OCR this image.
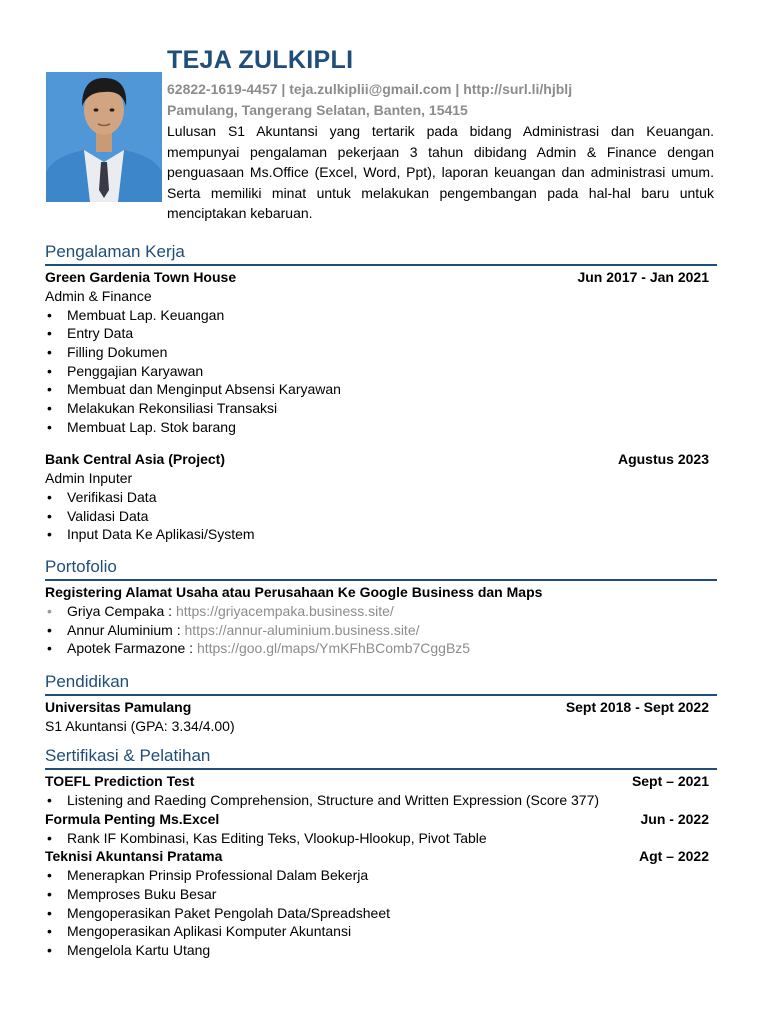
TEJA ZULKIPLI
62822-1619-4457 | teja.zulkiplii@gmail.com | http://surl.li/hjblj
Pamulang, Tangerang Selatan, Banten, 15415
Lulusan S1 Akuntansi yang tertarik pada bidang Administrasi dan Keuangan. mempunyai pengalaman pekerjaan 3 tahun dibidang Admin & Finance dengan penguasaan Ms.Office (Excel, Word, Ppt), laporan keuangan dan administrasi umum. Serta memiliki minat untuk melakukan pengembangan pada hal-hal baru untuk menciptakan kebaruan.
Pengalaman Kerja
Green Gardenia Town House	Jun 2017 - Jan 2021
Admin & Finance
• Membuat Lap. Keuangan
• Entry Data
• Filling Dokumen
• Penggajian Karyawan
• Membuat dan Menginput Absensi Karyawan
• Melakukan Rekonsiliasi Transaksi
• Membuat Lap. Stok barang
Bank Central Asia (Project)	Agustus 2023
Admin Inputer
• Verifikasi Data
• Validasi Data
• Input Data Ke Aplikasi/System
Portofolio
Registering Alamat Usaha atau Perusahaan Ke Google Business dan Maps
• Griya Cempaka : https://griyacempaka.business.site/
• Annur Aluminium : https://annur-aluminium.business.site/
• Apotek Farmazone : https://goo.gl/maps/YmKFhBComb7CggBz5
Pendidikan
Universitas Pamulang	Sept 2018 - Sept 2022
S1 Akuntansi (GPA: 3.34/4.00)
Sertifikasi & Pelatihan
TOEFL Prediction Test	Sept – 2021
• Listening and Raeding Comprehension, Structure and Written Expression (Score 377)
Formula Penting Ms.Excel	Jun - 2022
• Rank IF Kombinasi, Kas Editing Teks, Vlookup-Hlookup, Pivot Table
Teknisi Akuntansi Pratama	Agt – 2022
• Menerapkan Prinsip Professional Dalam Bekerja
• Memproses Buku Besar
• Mengoperasikan Paket Pengolah Data/Spreadsheet
• Mengoperasikan Aplikasi Komputer Akuntansi
• Mengelola Kartu Utang
